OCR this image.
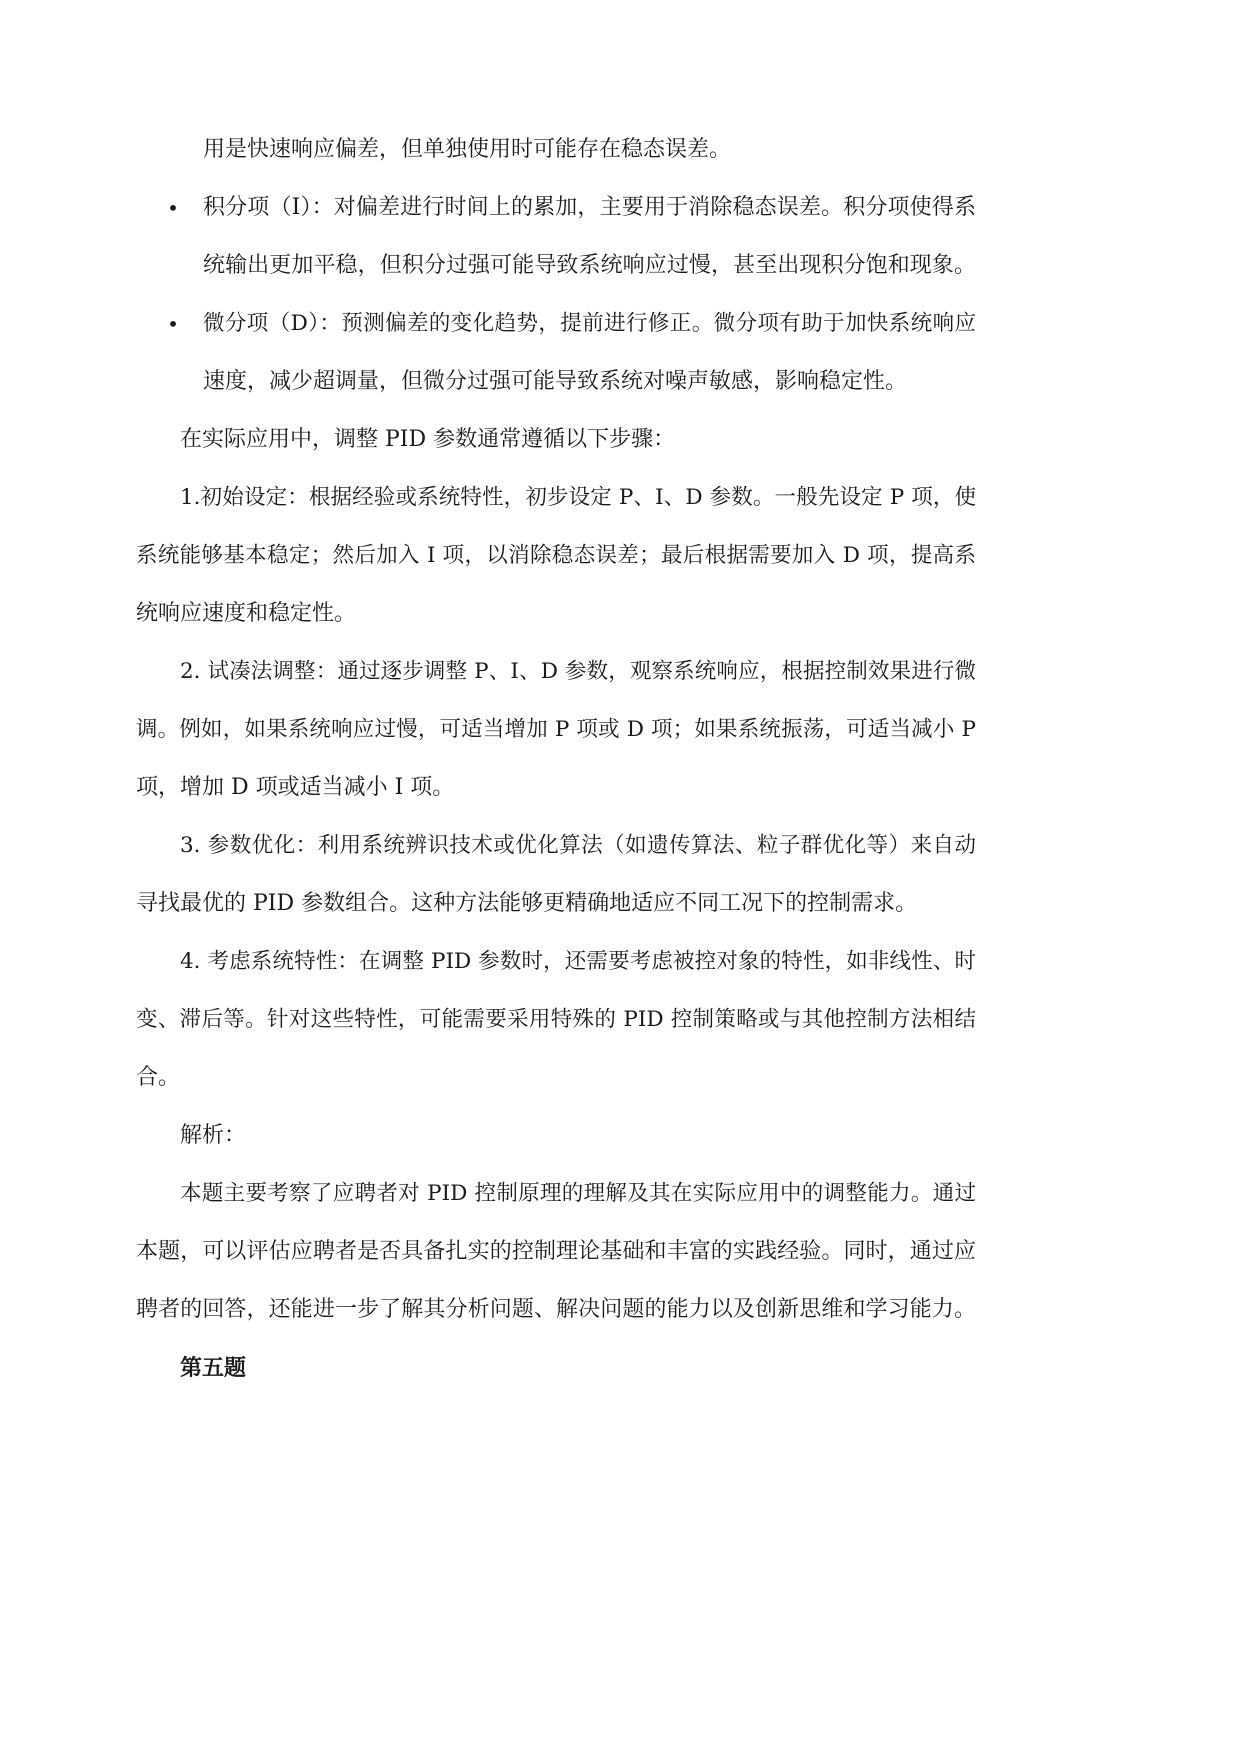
用是快速响应偏差，但单独使用时可能存在稳态误差。
• 积分项（I）：对偏差进行时间上的累加，主要用于消除稳态误差。积分项使得系
统输出更加平稳，但积分过强可能导致系统响应过慢，甚至出现积分饱和现象。
• 微分项（D）：预测偏差的变化趋势，提前进行修正。微分项有助于加快系统响应
速度，减少超调量，但微分过强可能导致系统对噪声敏感，影响稳定性。
在实际应用中，调整 PID 参数通常遵循以下步骤：
1.初始设定：根据经验或系统特性，初步设定 P、I、D 参数。一般先设定 P 项，使
系统能够基本稳定；然后加入 I 项，以消除稳态误差；最后根据需要加入 D 项，提高系
统响应速度和稳定性。
2. 试凑法调整：通过逐步调整 P、I、D 参数，观察系统响应，根据控制效果进行微
调。例如，如果系统响应过慢，可适当增加 P 项或 D 项；如果系统振荡，可适当减小 P
项，增加 D 项或适当减小 I 项。
3. 参数优化：利用系统辨识技术或优化算法（如遗传算法、粒子群优化等）来自动
寻找最优的 PID 参数组合。这种方法能够更精确地适应不同工况下的控制需求。
4. 考虑系统特性：在调整 PID 参数时，还需要考虑被控对象的特性，如非线性、时
变、滞后等。针对这些特性，可能需要采用特殊的 PID 控制策略或与其他控制方法相结
合。
解析：
本题主要考察了应聘者对 PID 控制原理的理解及其在实际应用中的调整能力。通过
本题，可以评估应聘者是否具备扎实的控制理论基础和丰富的实践经验。同时，通过应
聘者的回答，还能进一步了解其分析问题、解决问题的能力以及创新思维和学习能力。
第五题
